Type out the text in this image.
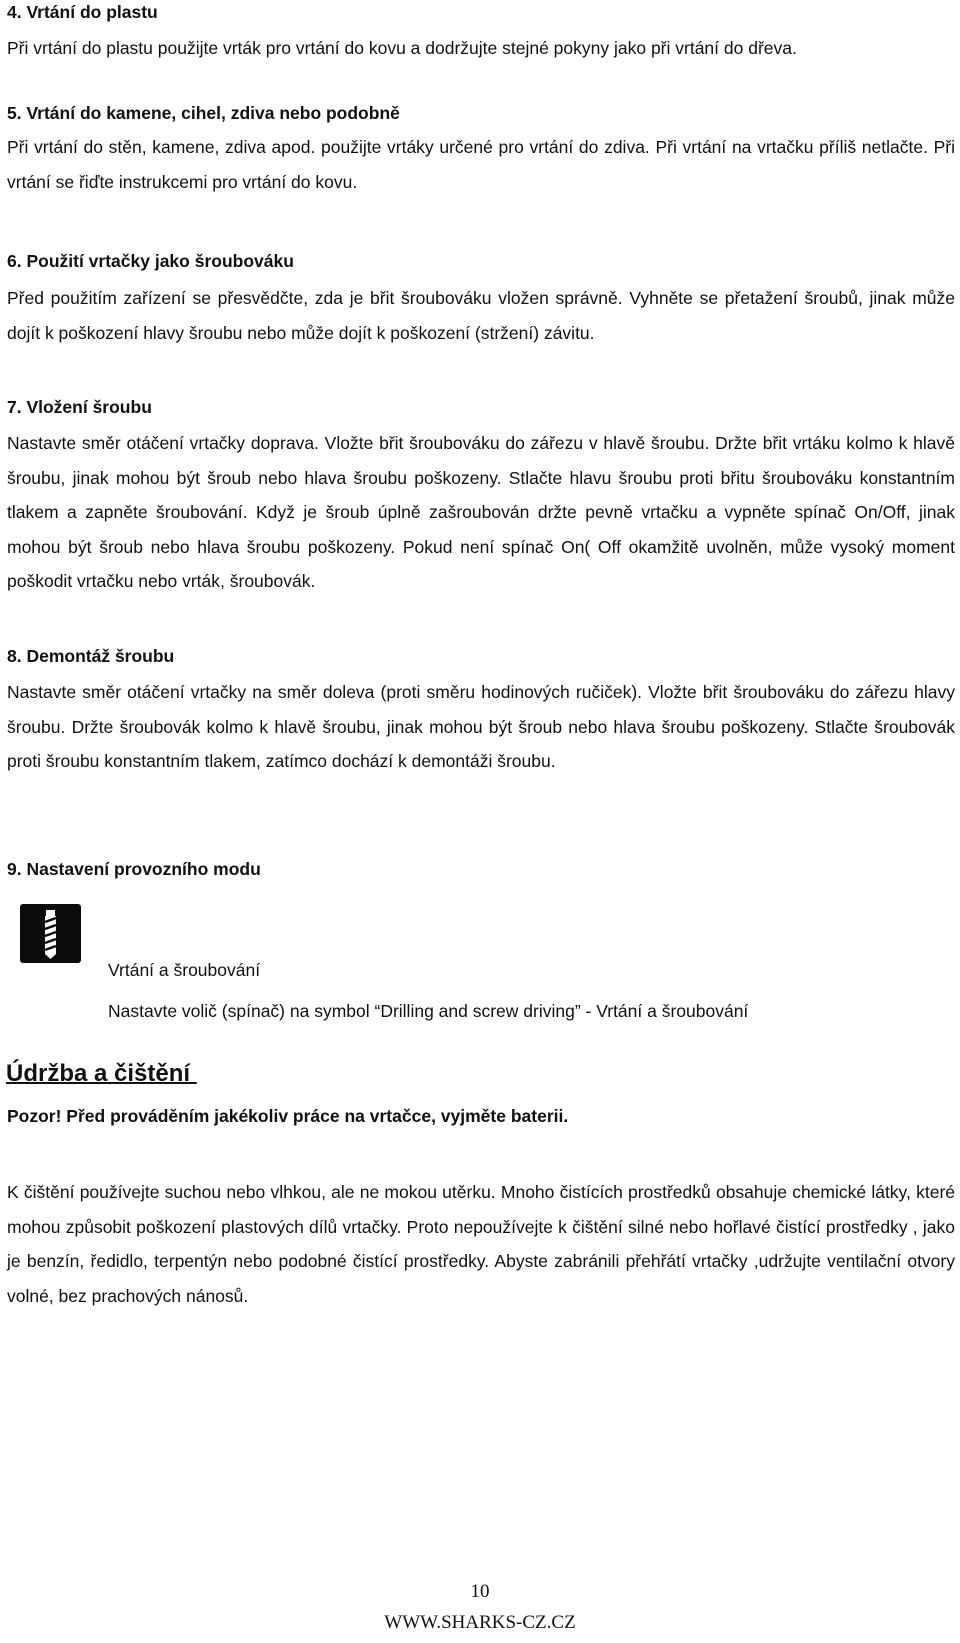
4. Vrtání do plastu
Při vrtání do plastu použijte vrták pro vrtání do kovu a dodržujte stejné pokyny jako při vrtání do dřeva.
5. Vrtání do kamene, cihel, zdiva nebo podobně
Při vrtání do stěn, kamene, zdiva apod. použijte vrtáky určené pro vrtání do zdiva. Při vrtání na vrtačku příliš netlačte. Při vrtání se řiďte instrukcemi pro vrtání do kovu.
6. Použití vrtačky jako šroubováku
Před použitím zařízení se přesvědčte, zda je břit šroubováku vložen správně. Vyhněte se přetažení šroubů, jinak může dojít k poškození hlavy šroubu nebo může dojít k poškození (stržení) závitu.
7. Vložení šroubu
Nastavte směr otáčení vrtačky doprava. Vložte břit šroubováku do zářezu v hlavě šroubu. Držte břit vrtáku kolmo k hlavě šroubu, jinak mohou být šroub nebo hlava šroubu poškozeny. Stlačte hlavu šroubu proti břitu šroubováku konstantním tlakem a zapněte šroubování. Když je šroub úplně zašroubován držte pevně vrtačku a vypněte spínač On/Off, jinak mohou být šroub nebo hlava šroubu poškozeny. Pokud není spínač On( Off okamžitě uvolněn, může vysoký moment poškodit vrtačku nebo vrták, šroubovák.
8. Demontáž šroubu
Nastavte směr otáčení vrtačky na směr doleva (proti směru hodinových ručiček). Vložte břit šroubováku do zářezu hlavy šroubu. Držte šroubovák kolmo k hlavě šroubu, jinak mohou být šroub nebo hlava šroubu poškozeny. Stlačte šroubovák proti šroubu konstantním tlakem, zatímco dochází k demontáži šroubu.
9. Nastavení provozního modu
Vrtání a šroubování
Nastavte volič (spínač) na symbol “Drilling and screw driving” - Vrtání a šroubování
Údržba a čištění
Pozor! Před prováděním jakékoliv práce na vrtačce, vyjměte baterii.
K čištění používejte suchou nebo vlhkou, ale ne mokou utěrku. Mnoho čistících prostředků obsahuje chemické látky, které mohou způsobit poškození plastových dílů vrtačky. Proto nepoužívejte k čištění silné nebo hořlavé čistící prostředky , jako je benzín, ředidlo, terpentýn nebo podobné čistící prostředky. Abyste zabránili přehřátí vrtačky ,udržujte ventilační otvory volné, bez prachových nánosů.
10
WWW.SHARKS-CZ.CZ
